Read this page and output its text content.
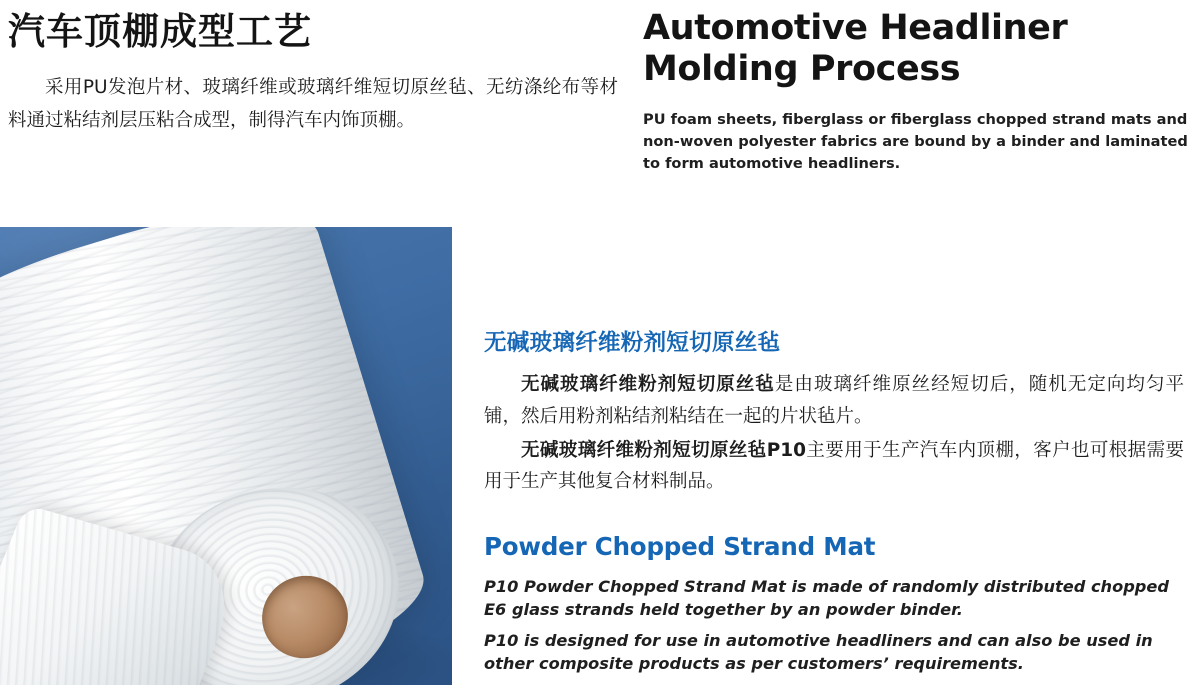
汽车顶棚成型工艺

采用PU发泡片材、玻璃纤维或玻璃纤维短切原丝毡、无纺涤纶布等材料通过粘结剂层压粘合成型，制得汽车内饰顶棚。

Automotive Headliner Molding Process

PU foam sheets, fiberglass or fiberglass chopped strand mats and non-woven polyester fabrics are bound by a binder and laminated to form automotive headliners.

无碱玻璃纤维粉剂短切原丝毡

无碱玻璃纤维粉剂短切原丝毡是由玻璃纤维原丝经短切后，随机无定向均匀平铺，然后用粉剂粘结剂粘结在一起的片状毡片。

无碱玻璃纤维粉剂短切原丝毡P10主要用于生产汽车内顶棚，客户也可根据需要用于生产其他复合材料制品。

Powder Chopped Strand Mat

P10 Powder Chopped Strand Mat is made of randomly distributed chopped E6 glass strands held together by an powder binder.

P10 is designed for use in automotive headliners and can also be used in other composite products as per customers’ requirements.
